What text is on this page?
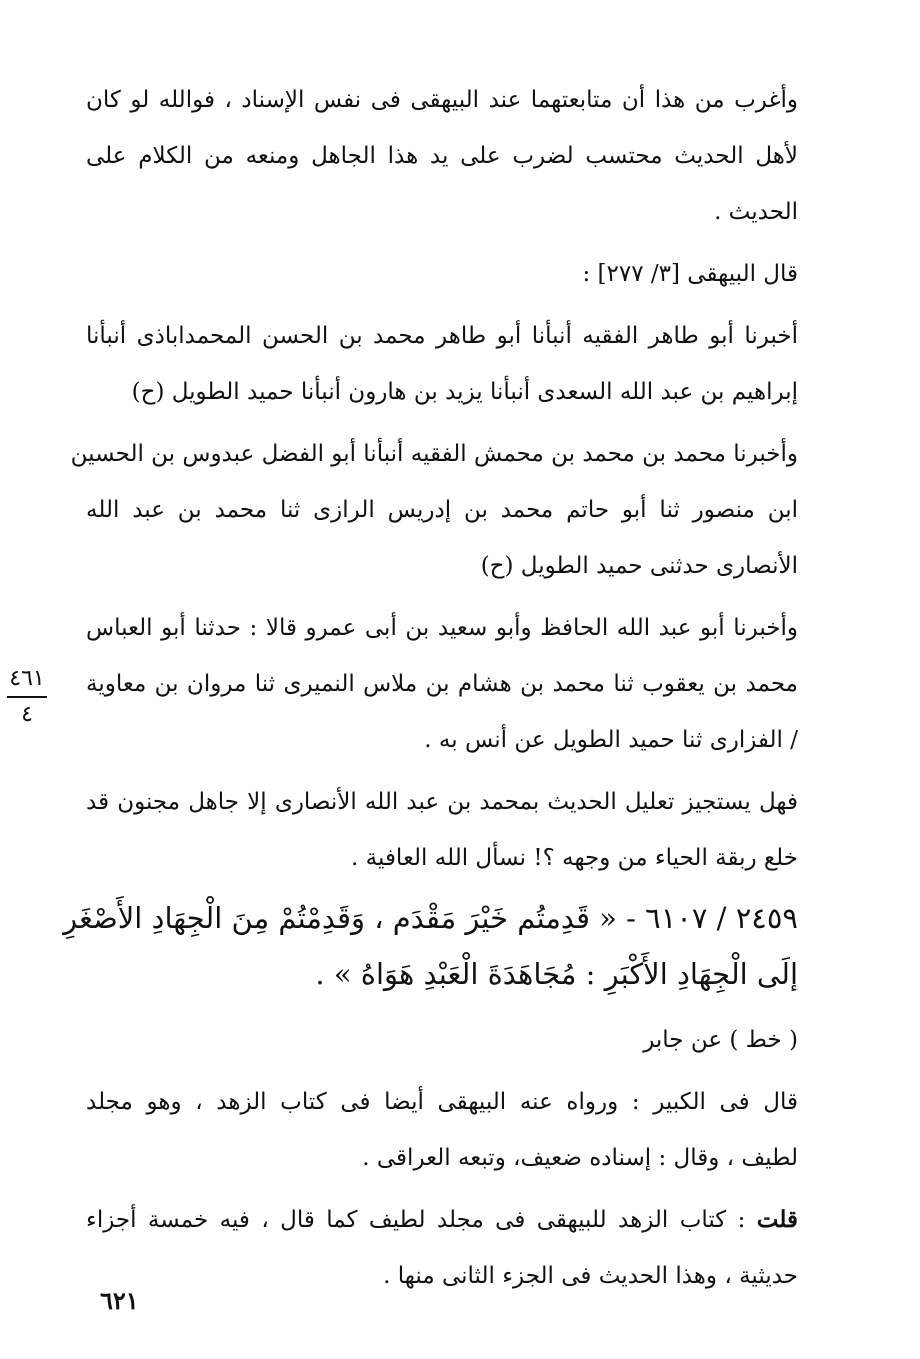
وأغرب من هذا أن متابعتهما عند البيهقى فى نفس الإسناد ، فوالله لو كان
لأهل الحديث محتسب لضرب على يد هذا الجاهل ومنعه من الكلام على
الحديث .

قال البيهقى [٣/ ٢٧٧] :

أخبرنا أبو طاهر الفقيه أنبأنا أبو طاهر محمد بن الحسن المحمداباذى أنبأنا
إبراهيم بن عبد الله السعدى أنبأنا يزيد بن هارون أنبأنا حميد الطويل (ح)

وأخبرنا محمد بن محمد بن محمش الفقيه أنبأنا أبو الفضل عبدوس بن الحسين
ابن منصور ثنا أبو حاتم محمد بن إدريس الرازى ثنا محمد بن عبد الله
الأنصارى حدثنى حميد الطويل (ح)

وأخبرنا أبو عبد الله الحافظ وأبو سعيد بن أبى عمرو قالا : حدثنا أبو العباس
محمد بن يعقوب ثنا محمد بن هشام بن ملاس النميرى ثنا مروان بن معاوية
/ الفزارى ثنا حميد الطويل عن أنس به .

فهل يستجيز تعليل الحديث بمحمد بن عبد الله الأنصارى إلا جاهل مجنون قد
خلع ربقة الحياء من وجهه ؟! نسأل الله العافية .

٢٤٥٩ / ٦١٠٧ - « قَدِمتُم خَيْرَ مَقْدَم ، وَقَدِمْتُمْ مِنَ الْجِهَادِ الأَصْغَرِ
إلَى الْجِهَادِ الأَكْبَرِ : مُجَاهَدَةَ الْعَبْدِ هَوَاهُ » .

( خط ) عن جابر

قال فى الكبير : ورواه عنه البيهقى أيضا فى كتاب الزهد ، وهو مجلد
لطيف ، وقال : إسناده ضعيف، وتبعه العراقى .

قلت : كتاب الزهد للبيهقى فى مجلد لطيف كما قال ، فيه خمسة أجزاء
حديثية ، وهذا الحديث فى الجزء الثانى منها .

٤٦١
٤
٦٢١
